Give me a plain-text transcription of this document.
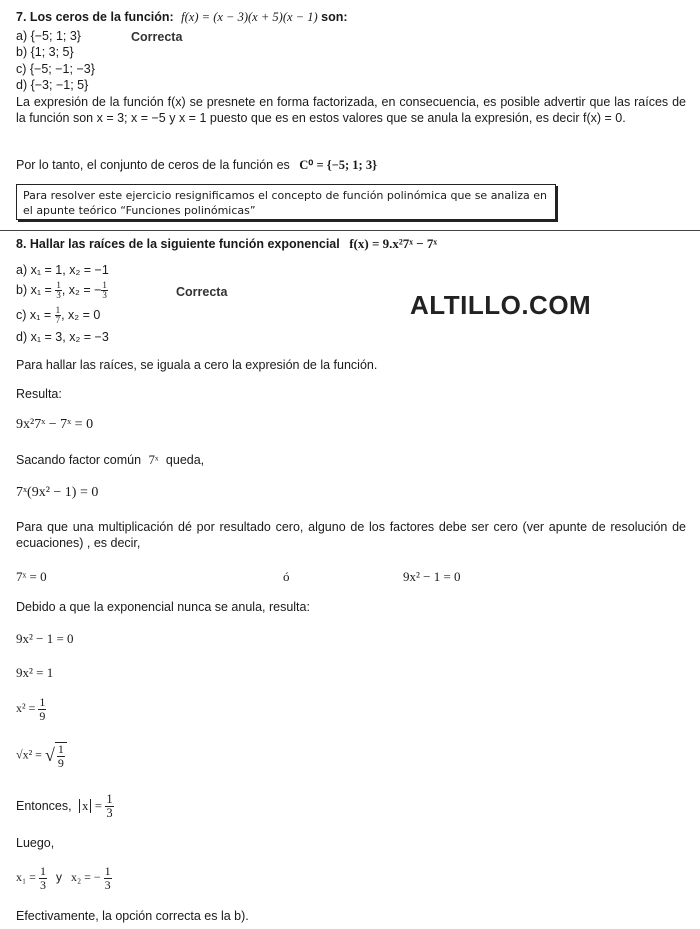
7. Los ceros de la función: f(x) = (x − 3)(x + 5)(x − 1) son:
a) {−5; 1; 3}	Correcta
b) {1; 3; 5}
c) {−5; −1; −3}
d) {−3; −1; 5}
La expresión de la función f(x) se presnete en forma factorizada, en consecuencia, es posible advertir que las raíces de la función son x = 3; x = −5 y x = 1 puesto que es en estos valores que se anula la expresión, es decir f(x) = 0.
Por lo tanto, el conjunto de ceros de la función es C⁰ = {−5; 1; 3}
Para resolver este ejercicio resignificamos el concepto de función polinómica que se analiza en el apunte teórico “Funciones polinómicas”
8. Hallar las raíces de la siguiente función exponencial f(x) = 9.x²7ˣ − 7ˣ
a) x₁ = 1, x₂ = −1
b) $x_1 = \frac{1}{3}$ , x₂ = − $\frac{1}{3}$	Correcta	ALTILLO.COM
c) $x_1 = \frac{1}{7}$ , x₂ = 0
d) x₁ = 3, x₂ = −3
Para hallar las raíces, se iguala a cero la expresión de la función.
Resulta:
9x²7ˣ − 7ˣ = 0
Sacando factor común 7ˣ queda,
7ˣ(9x² − 1) = 0
Para que una multiplicación dé por resultado cero, alguno de los factores debe ser cero (ver apunte de resolución de ecuaciones) , es decir,
7ˣ = 0	ó	9x² − 1 = 0
Debido a que la exponencial nunca se anula, resulta:
9x² − 1 = 0
9x² = 1
$x^2 = \frac{1}{9}$
√x² = √ $\frac{1}{9}$
Entonces, $x = \frac{1}{3}$
Luego,
$x_1 = \frac{1}{3}$ y x₂ = − $\frac{1}{3}$
Efectivamente, la opción correcta es la b).
